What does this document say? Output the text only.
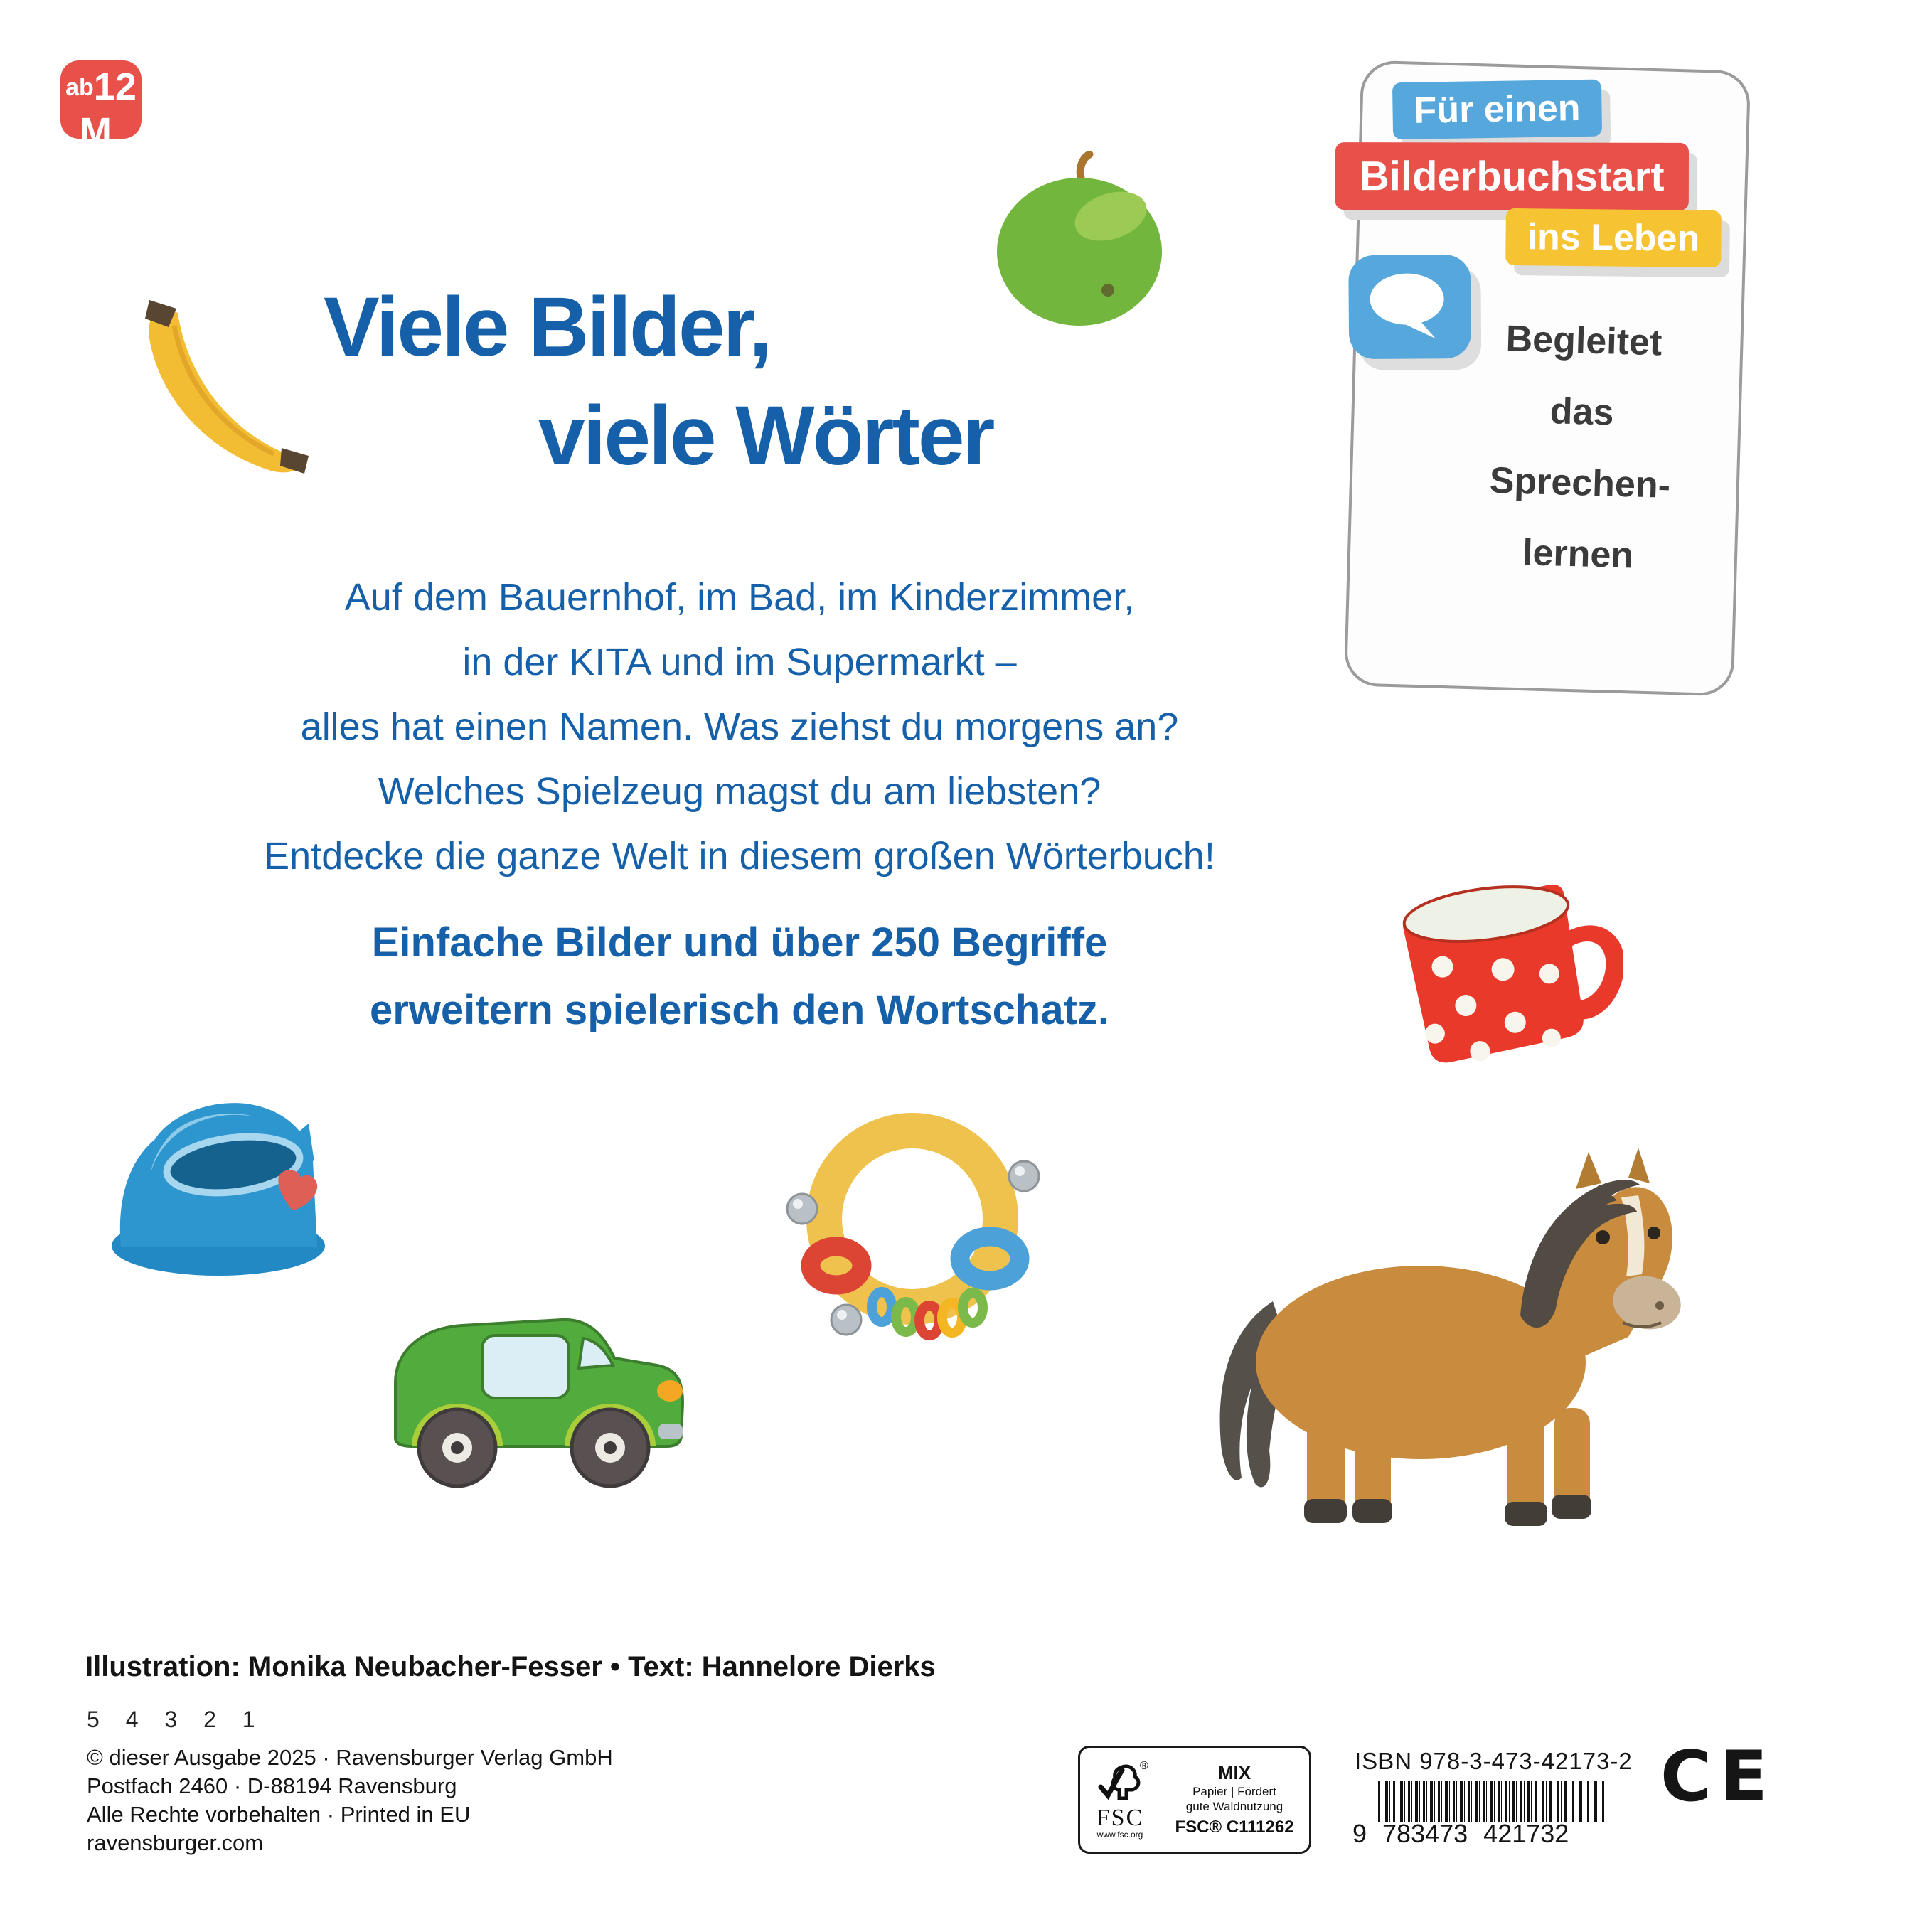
ab12
M.
Viele Bilder,
viele Wörter
Auf dem Bauernhof, im Bad, im Kinderzimmer,
in der KITA und im Supermarkt –
alles hat einen Namen. Was ziehst du morgens an?
Welches Spielzeug magst du am liebsten?
Entdecke die ganze Welt in diesem großen Wörterbuch!
Einfache Bilder und über 250 Begriffe
erweitern spielerisch den Wortschatz.
Für einen
Bilderbuchstart
ins Leben
Begleitet
das
Sprechen-
lernen
Illustration: Monika Neubacher-Fesser • Text: Hannelore Dierks
5 4 3 2 1
© dieser Ausgabe 2025 · Ravensburger Verlag GmbH
Postfach 2460 · D-88194 Ravensburg
Alle Rechte vorbehalten · Printed in EU
ravensburger.com
®
FSC
www.fsc.org
MIX
Papier | Fördert
gute Waldnutzung
FSC® C111262
ISBN 978-3-473-42173-2
9 783473 421732
CE
